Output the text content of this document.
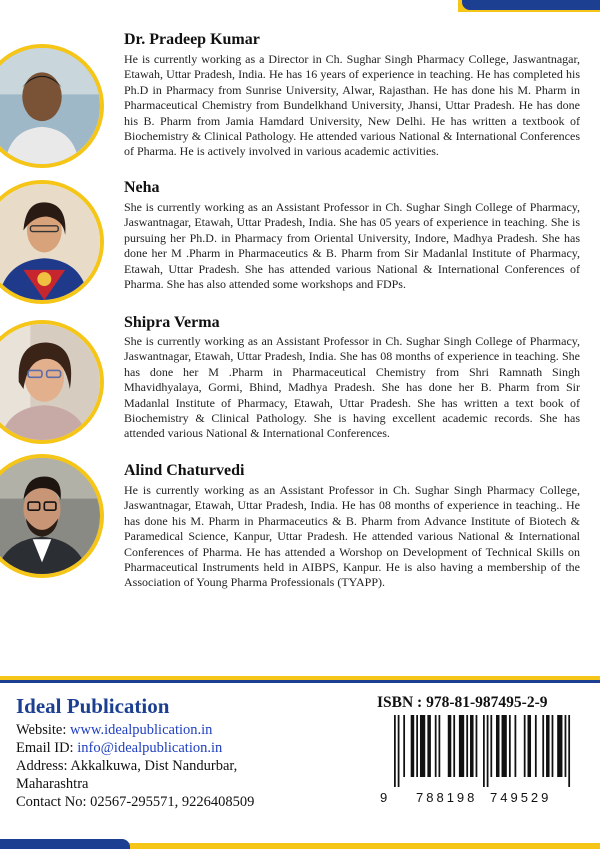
Dr. Pradeep Kumar
He is currently working as a Director in Ch. Sughar Singh Pharmacy College, Jaswantnagar, Etawah, Uttar Pradesh, India. He has 16 years of experience in teaching. He has completed his Ph.D in Pharmacy from Sunrise University, Alwar, Rajasthan. He has done his M. Pharm in Pharmaceutical Chemistry from Bundelkhand University, Jhansi, Uttar Pradesh. He has done his B. Pharm from Jamia Hamdard University, New Delhi. He has written a textbook of Biochemistry & Clinical Pathology. He attended various National & International Conferences of Pharma. He is actively involved in various academic activities.
Neha
She is currently working as an Assistant Professor in Ch. Sughar Singh College of Pharmacy, Jaswantnagar, Etawah, Uttar Pradesh, India. She has 05 years of experience in teaching. She is pursuing her Ph.D. in Pharmacy from Oriental University, Indore, Madhya Pradesh. She has done her M .Pharm in Pharmaceutics & B. Pharm from Sir Madanlal Institute of Pharmacy, Etawah, Uttar Pradesh. She has attended various National & International Conferences of Pharma. She has also attended some workshops and FDPs.
Shipra Verma
She is currently working as an Assistant Professor in Ch. Sughar Singh College of Pharmacy, Jaswantnagar, Etawah, Uttar Pradesh, India. She has 08 months of experience in teaching. She has done her M .Pharm in Pharmaceutical Chemistry from Shri Ramnath Singh Mhavidhyalaya, Gormi, Bhind, Madhya Pradesh. She has done her B. Pharm from Sir Madanlal Institute of Pharmacy, Etawah, Uttar Pradesh. She has written a text book of Biochemistry & Clinical Pathology. She is having excellent academic records. She has attended various National & International Conferences.
Alind Chaturvedi
He is currently working as an Assistant Professor in Ch. Sughar Singh Pharmacy College, Jaswantnagar, Etawah, Uttar Pradesh, India. He has 08 months of experience in teaching.. He has done his M. Pharm in Pharmaceutics & B. Pharm from Advance Institute of Biotech & Paramedical Science, Kanpur, Uttar Pradesh. He attended various National & International Conferences of Pharma. He has attended a Worshop on Development of Technical Skills on Pharmaceutical Instruments held in AIBPS, Kanpur. He is also having a membership of the Association of Young Pharma Professionals (TYAPP).
Ideal Publication
Website: www.idealpublication.in
Email ID: info@idealpublication.in
Address: Akkalkuwa, Dist Nandurbar,
Maharashtra
Contact No: 02567-295571, 9226408509
ISBN : 978-81-987495-2-9
9 788198 749529
